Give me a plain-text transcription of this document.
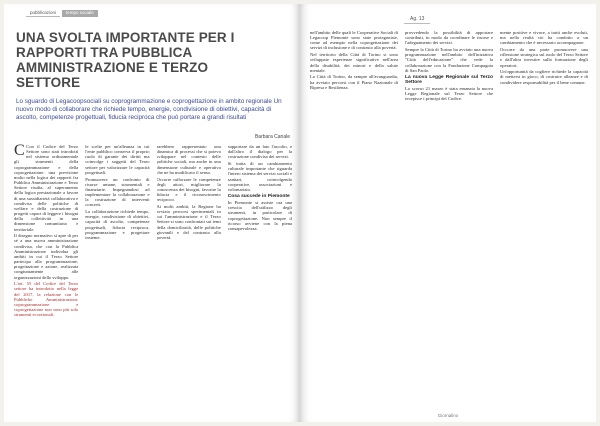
pubblicazioni	tempo sociale
UNA SVOLTA IMPORTANTE PER I RAPPORTI TRA PUBBLICA AMMINISTRAZIONE E TERZO SETTORE

Lo sguardo di Legacoopsociali su coprogrammazione e coprogettazione in ambito regionale Un nuovo modo di collaborare che richiede tempo, energie, condivisione di obiettivi, capacità di ascolto, competenze progettuali, fiducia reciproca che può portare a grandi risultati

Barbara Canale

C Con il Codice del Terzo Settore sono stati introdotti nel sistema ordinamentale gli strumenti della coprogrammazione e della coprogettazione: una previsione molto nella logica dei rapporti fra Pubblica Amministrazione e Terzo Settore risulta, al superamento della logica prestazionale a favore di una sussidiarietà collaborativa e condivisa delle politiche di welfare e della costruzione di progetti capaci di leggere i bisogni della collettività in una dimensione comunitaria e territoriale.

Il disegno normativo si apre di per sé a una nuova amministrazione condivisa, che con la Pubblica Amministrazione individua gli ambiti in cui il Terzo Settore partecipa alla programmazione, progettazione e azione, realizzata congiuntamente alle organizzazioni dello sviluppo.

L'art. 55 del Codice del Terzo settore ha introdotto nella legge del 2017, la relazione con le Pubbliche Amministrazioni: coprogrammazione e coprogettazione non sono più solo strumenti eccezionali.

le scelte per un'alleanza in cui l'ente pubblico conserva il proprio ruolo di garante dei diritti ma coinvolge i soggetti del Terzo settore per valorizzare le capacità progettuali.

Promuovere un confronto di risorse umane, strumentali e finanziarie. Impegnandosi ad implementare la collaborazione e la costruzione di interventi concreti.

La collaborazione richiede tempo, energie, condivisione di obiettivi, capacità di ascolto, competenze progettuali, fiducia reciproca, programmazione e progettare insieme.

sarebbero rappresentato una dinamica di processi che si poteva sviluppare nel contesto delle politiche sociali, ma anche in una dimensione culturale e operativa che ne ha modificato il senso.

Occorre rafforzare le competenze degli attori, migliorare la conoscenza dei bisogni, favorire la fiducia e il riconoscimento reciproco.

Ai molti ambiti, la Regione ha avviato percorsi sperimentali in cui l'amministrazione e il Terzo Settore si sono confrontati sui temi della domiciliarità, delle politiche giovanili e del contrasto alla povertà.

supportare da un lato l'ascolto, e dall'altro il dialogo per la costruzione condivisa dei servizi.

Si tratta di un cambiamento culturale importante che riguarda l'intero sistema dei servizi sociali e sanitari, coinvolgendo cooperative, associazioni e volontariato.

Cosa succede in Piemonte

In Piemonte si assiste ora una crescita dell'utilizzo degli strumenti, in particolare di coprogettazione. Non sempre il ricorso avviene con la piena consapevolezza.

Ag. 13

nell'ambito delle quali le Cooperative Sociali di Legacoop Piemonte sono state protagoniste, come ad esempio nella coprogettazione dei servizi di inclusione e di contrasto alla povertà.

Nel territorio della Città di Torino si sono sviluppate esperienze significative nell'area della disabilità, dei minori e della salute mentale.

La Città di Torino, da sempre all'avanguardia, ha avviato percorsi con il Piano Nazionale di Ripresa e Resilienza.

provvedendo la possibilità di apportare contributi, in modo da coordinare le risorse e l'adeguamento dei servizi.

Sempre la Città di Torino ha avviato una nuova programmazione nell'ambito dell'iniziativa "Città dell'educazione" che vede la collaborazione con la Fondazione Compagnia di San Paolo.

La nuova Legge Regionale sul Terzo Settore

Lo scorso 21 marzo è stata emanata la nuova Legge Regionale sul Terzo Settore che recepisce i principi del Codice.

mente positive e vivace, a tratti anche evoluti, ma nella realtà ciò ha condotto a un cambiamento che è necessario accompagnare.

Occorre da una parte promuovere una riflessione strategica sul ruolo del Terzo Settore e dall'altra investire sulla formazione degli operatori.

Un'opportunità da cogliere richiede la capacità di mettersi in gioco, di costruire alleanze e di condividere responsabilità per il bene comune.

Giornalino
